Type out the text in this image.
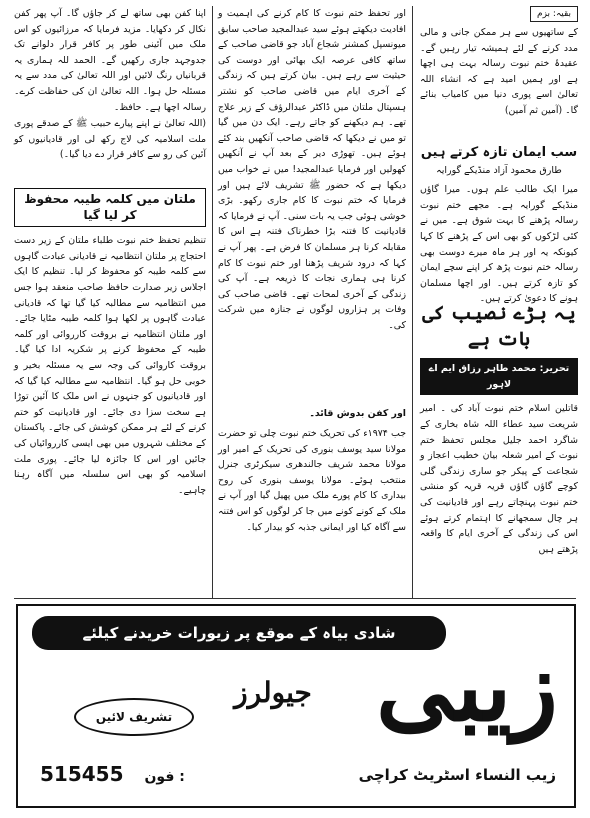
بقیہ: بزم

کے ساتھیوں سے ہر ممکن جانی و مالی مدد کرنے کے لئے ہمیشہ تیار رہیں گے۔ عقیدۂ ختم نبوت رسالہ بہت ہی اچھا ہے اور ہمیں امید ہے کہ انشاء اللہ تعالیٰ اسے پوری دنیا میں کامیاب بنائے گا۔ (آمین ثم آمین)

سب ایمان تازہ کرتے ہیں
طارق محمود آزاد منڈیکے گورایہ

میرا ایک طالب علم ہوں۔ میرا گاؤں منڈیکے گورایہ ہے۔ مجھے ختم نبوت رسالہ پڑھنے کا بہت شوق ہے۔ میں نے کئی لڑکوں کو بھی اس کے پڑھنے کا کہا کیونکہ یہ اور ہر ماہ میرے دوست بھی رسالہ ختم نبوت پڑھ کر اپنے سچے ایمان کو تازہ کرتے ہیں۔ اور اچھا مسلمان ہونے کا دعویٰ کرتے ہیں۔

یہ بڑے نصیب کی بات ہے
تحریر: محمد طاہر رزاق ایم اے لاہور

قاتلین اسلام ختم نبوت آباد کی ۔ امیر شریعت سید عطاء اللہ شاہ بخاری کے شاگرد احمد جلیل مجلس تحفظ ختم نبوت کے امیر شعلہ بیان خطیب اعجاز و شجاعت کے پیکر جو ساری زندگی گلی کوچے گاؤں گاؤں قریہ قریہ کو منشی ختم نبوت پہنچاتے رہے اور قادیانیت کی ہر چال سمجھانے کا اہتمام کرتے ہوئے اس کی زندگی کے آخری ایام کا واقعہ پڑھتے ہیں

اور تحفظ ختم نبوت کا کام کرنے کی اہمیت و افادیت دیکھتے ہوئے سید عبدالمجید صاحب سابق میونسپل کمشنر شجاع آباد جو قاضی صاحب کے ساتھ کافی عرصہ ایک بھائی اور دوست کی حیثیت سے رہے ہیں۔ بیان کرتے ہیں کہ زندگی کے آخری ایام میں قاضی صاحب کو نشتر ہسپتال ملتان میں ڈاکٹر عبدالرؤف کے زیر علاج تھے۔ ہم دیکھنے کو جاتے رہے۔ ایک دن میں گیا تو میں نے دیکھا کہ قاضی صاحب آنکھیں بند کئے ہوئے ہیں۔ تھوڑی دیر کے بعد آپ نے آنکھیں کھولیں اور فرمایا عبدالمجید! میں نے خواب میں دیکھا ہے کہ حضور ﷺ تشریف لائے ہیں اور فرمایا کہ ختم نبوت کا کام جاری رکھو۔ بڑی خوشی ہوئی جب یہ بات سنی۔ آپ نے فرمایا کہ قادیانیت کا فتنہ بڑا خطرناک فتنہ ہے اس کا مقابلہ کرنا ہر مسلمان کا فرض ہے۔ پھر آپ نے کہا کہ درود شریف پڑھنا اور ختم نبوت کا کام کرنا ہی ہماری نجات کا ذریعہ ہے۔ آپ کی زندگی کے آخری لمحات تھے۔ قاضی صاحب کی وفات پر ہزاروں لوگوں نے جنازہ میں شرکت کی۔

اور کفن بدوش قائد۔

جب ۱۹۷۴ء کی تحریک ختم نبوت چلی تو حضرت مولانا سید یوسف بنوری کی تحریک کے امیر اور مولانا محمد شریف جالندھری سیکرٹری جنرل منتخب ہوئے۔ مولانا یوسف بنوری کی روح بیداری کا کام پورے ملک میں پھیل گیا اور آپ نے ملک کے کونے کونے میں جا کر لوگوں کو اس فتنہ سے آگاہ کیا اور ایمانی جذبہ کو بیدار کیا۔

اپنا کفن بھی ساتھ لے کر جاؤں گا۔ آپ پھر کفن نکال کر دکھایا۔ مزید فرمایا کہ مرزائیوں کو اس ملک میں آئینی طور پر کافر قرار دلوانے تک جدوجہد جاری رکھیں گے۔ الحمد للہ ہماری یہ قربانیاں رنگ لائیں اور اللہ تعالیٰ کی مدد سے یہ مسئلہ حل ہوا۔ اللہ تعالیٰ ان کی حفاظت کرے۔ رسالہ اچھا ہے۔ حافظ۔

(اللہ تعالیٰ نے اپنے پیارے حبیب ﷺ کے صدقے پوری ملت اسلامیہ کی لاج رکھ لی اور قادیانیوں کو آئین کی رو سے کافر قرار دے دیا گیا۔)

ملتان میں کلمہ طیبہ محفوظ کر لیا گیا

تنظیم تحفظ ختم نبوت طلباء ملتان کے زیر دست احتجاج پر ملتان انتظامیہ نے قادیانی عبادت گاہوں سے کلمہ طیبہ کو محفوظ کر لیا۔ تنظیم کا ایک اجلاس زیر صدارت حافظ صاحب منعقد ہوا جس میں انتظامیہ سے مطالبہ کیا گیا تھا کہ قادیانی عبادت گاہوں پر لکھا ہوا کلمہ طیبہ مٹایا جائے۔ اور ملتان انتظامیہ نے بروقت کارروائی اور کلمہ طیبہ کے محفوظ کرنے پر شکریہ ادا کیا گیا۔ بروقت کاروائی کی وجہ سے یہ مسئلہ بخیر و خوبی حل ہو گیا۔ انتظامیہ سے مطالبہ کیا گیا کہ اور قادیانیوں کو جنہوں نے اس ملک کا آئین توڑا ہے سخت سزا دی جائے۔ اور قادیانیت کو ختم کرنے کے لئے ہر ممکن کوشش کی جائے۔ پاکستان کے مختلف شہروں میں بھی ایسی کارروائیاں کی جائیں اور اس کا جائزہ لیا جائے۔ پوری ملت اسلامیہ کو بھی اس سلسلہ میں آگاہ رہنا چاہیے۔

شادی بیاہ کے موقع پر زیورات خریدنے کیلئے
زیبی
جیولرز
تشریف لائیں
زیب النساء اسٹریٹ کراچی
515455 فون :
